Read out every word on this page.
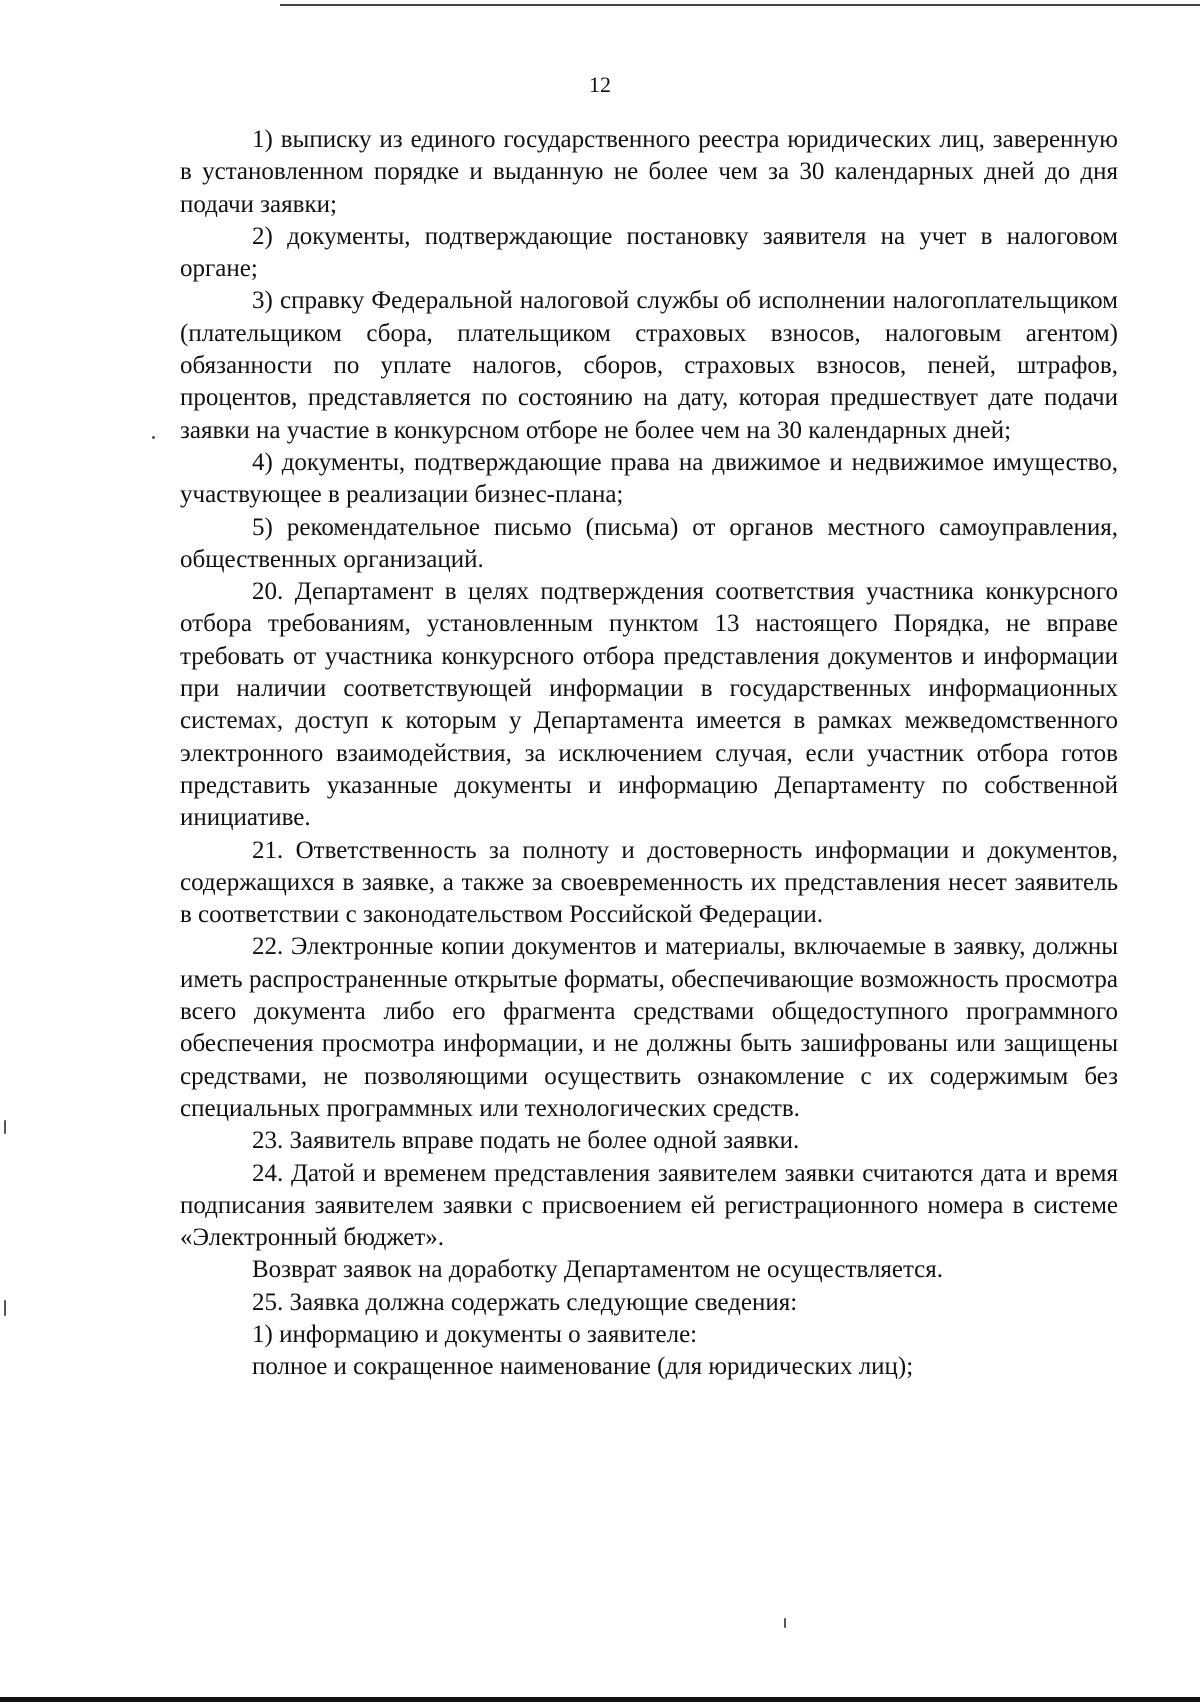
12

1) выписку из единого государственного реестра юридических лиц, заверенную в установленном порядке и выданную не более чем за 30 календарных дней до дня подачи заявки;

2) документы, подтверждающие постановку заявителя на учет в налоговом органе;

3) справку Федеральной налоговой службы об исполнении налогоплательщиком (плательщиком сбора, плательщиком страховых взносов, налоговым агентом) обязанности по уплате налогов, сборов, страховых взносов, пеней, штрафов, процентов, представляется по состоянию на дату, которая предшествует дате подачи заявки на участие в конкурсном отборе не более чем на 30 календарных дней;

4) документы, подтверждающие права на движимое и недвижимое имущество, участвующее в реализации бизнес-плана;

5) рекомендательное письмо (письма) от органов местного самоуправления, общественных организаций.

20. Департамент в целях подтверждения соответствия участника конкурсного отбора требованиям, установленным пунктом 13 настоящего Порядка, не вправе требовать от участника конкурсного отбора представления документов и информации при наличии соответствующей информации в государственных информационных системах, доступ к которым у Департамента имеется в рамках межведомственного электронного взаимодействия, за исключением случая, если участник отбора готов представить указанные документы и информацию Департаменту по собственной инициативе.

21. Ответственность за полноту и достоверность информации и документов, содержащихся в заявке, а также за своевременность их представления несет заявитель в соответствии с законодательством Российской Федерации.

22. Электронные копии документов и материалы, включаемые в заявку, должны иметь распространенные открытые форматы, обеспечивающие возможность просмотра всего документа либо его фрагмента средствами общедоступного программного обеспечения просмотра информации, и не должны быть зашифрованы или защищены средствами, не позволяющими осуществить ознакомление с их содержимым без специальных программных или технологических средств.

23. Заявитель вправе подать не более одной заявки.

24. Датой и временем представления заявителем заявки считаются дата и время подписания заявителем заявки с присвоением ей регистрационного номера в системе «Электронный бюджет».

Возврат заявок на доработку Департаментом не осуществляется.

25. Заявка должна содержать следующие сведения:

1) информацию и документы о заявителе:

полное и сокращенное наименование (для юридических лиц);
